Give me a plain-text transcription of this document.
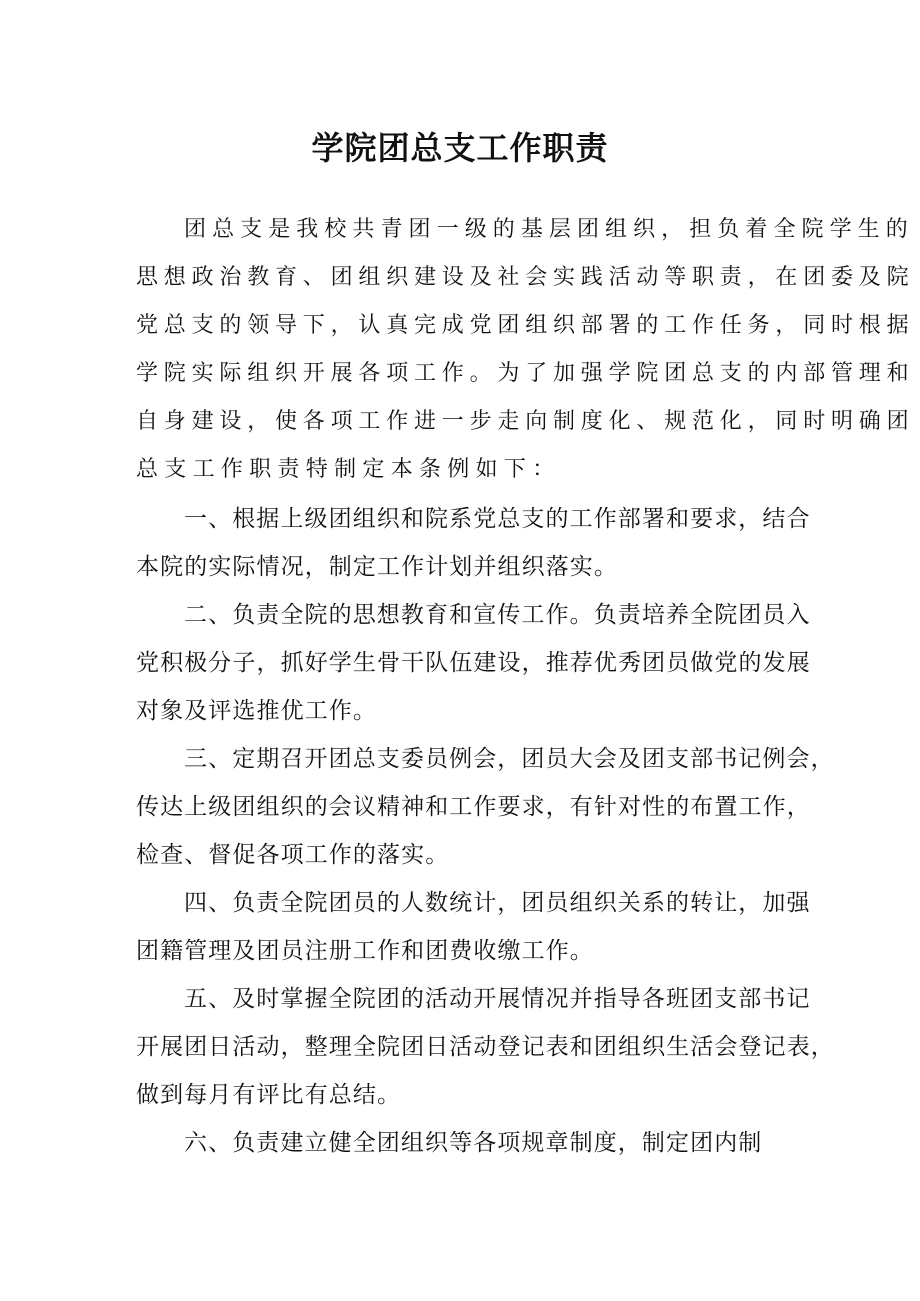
学院团总支工作职责

团总支是我校共青团一级的基层团组织，担负着全院学生的

思想政治教育、团组织建设及社会实践活动等职责，在团委及院

党总支的领导下，认真完成党团组织部署的工作任务，同时根据

学院实际组织开展各项工作。为了加强学院团总支的内部管理和

自身建设，使各项工作进一步走向制度化、规范化，同时明确团

总支工作职责特制定本条例如下：

一、根据上级团组织和院系党总支的工作部署和要求，结合

本院的实际情况，制定工作计划并组织落实。

二、负责全院的思想教育和宣传工作。负责培养全院团员入

党积极分子，抓好学生骨干队伍建设，推荐优秀团员做党的发展

对象及评选推优工作。

三、定期召开团总支委员例会，团员大会及团支部书记例会，

传达上级团组织的会议精神和工作要求，有针对性的布置工作，

检查、督促各项工作的落实。

四、负责全院团员的人数统计，团员组织关系的转让，加强

团籍管理及团员注册工作和团费收缴工作。

五、及时掌握全院团的活动开展情况并指导各班团支部书记

开展团日活动，整理全院团日活动登记表和团组织生活会登记表，

做到每月有评比有总结。

六、负责建立健全团组织等各项规章制度，制定团内制
